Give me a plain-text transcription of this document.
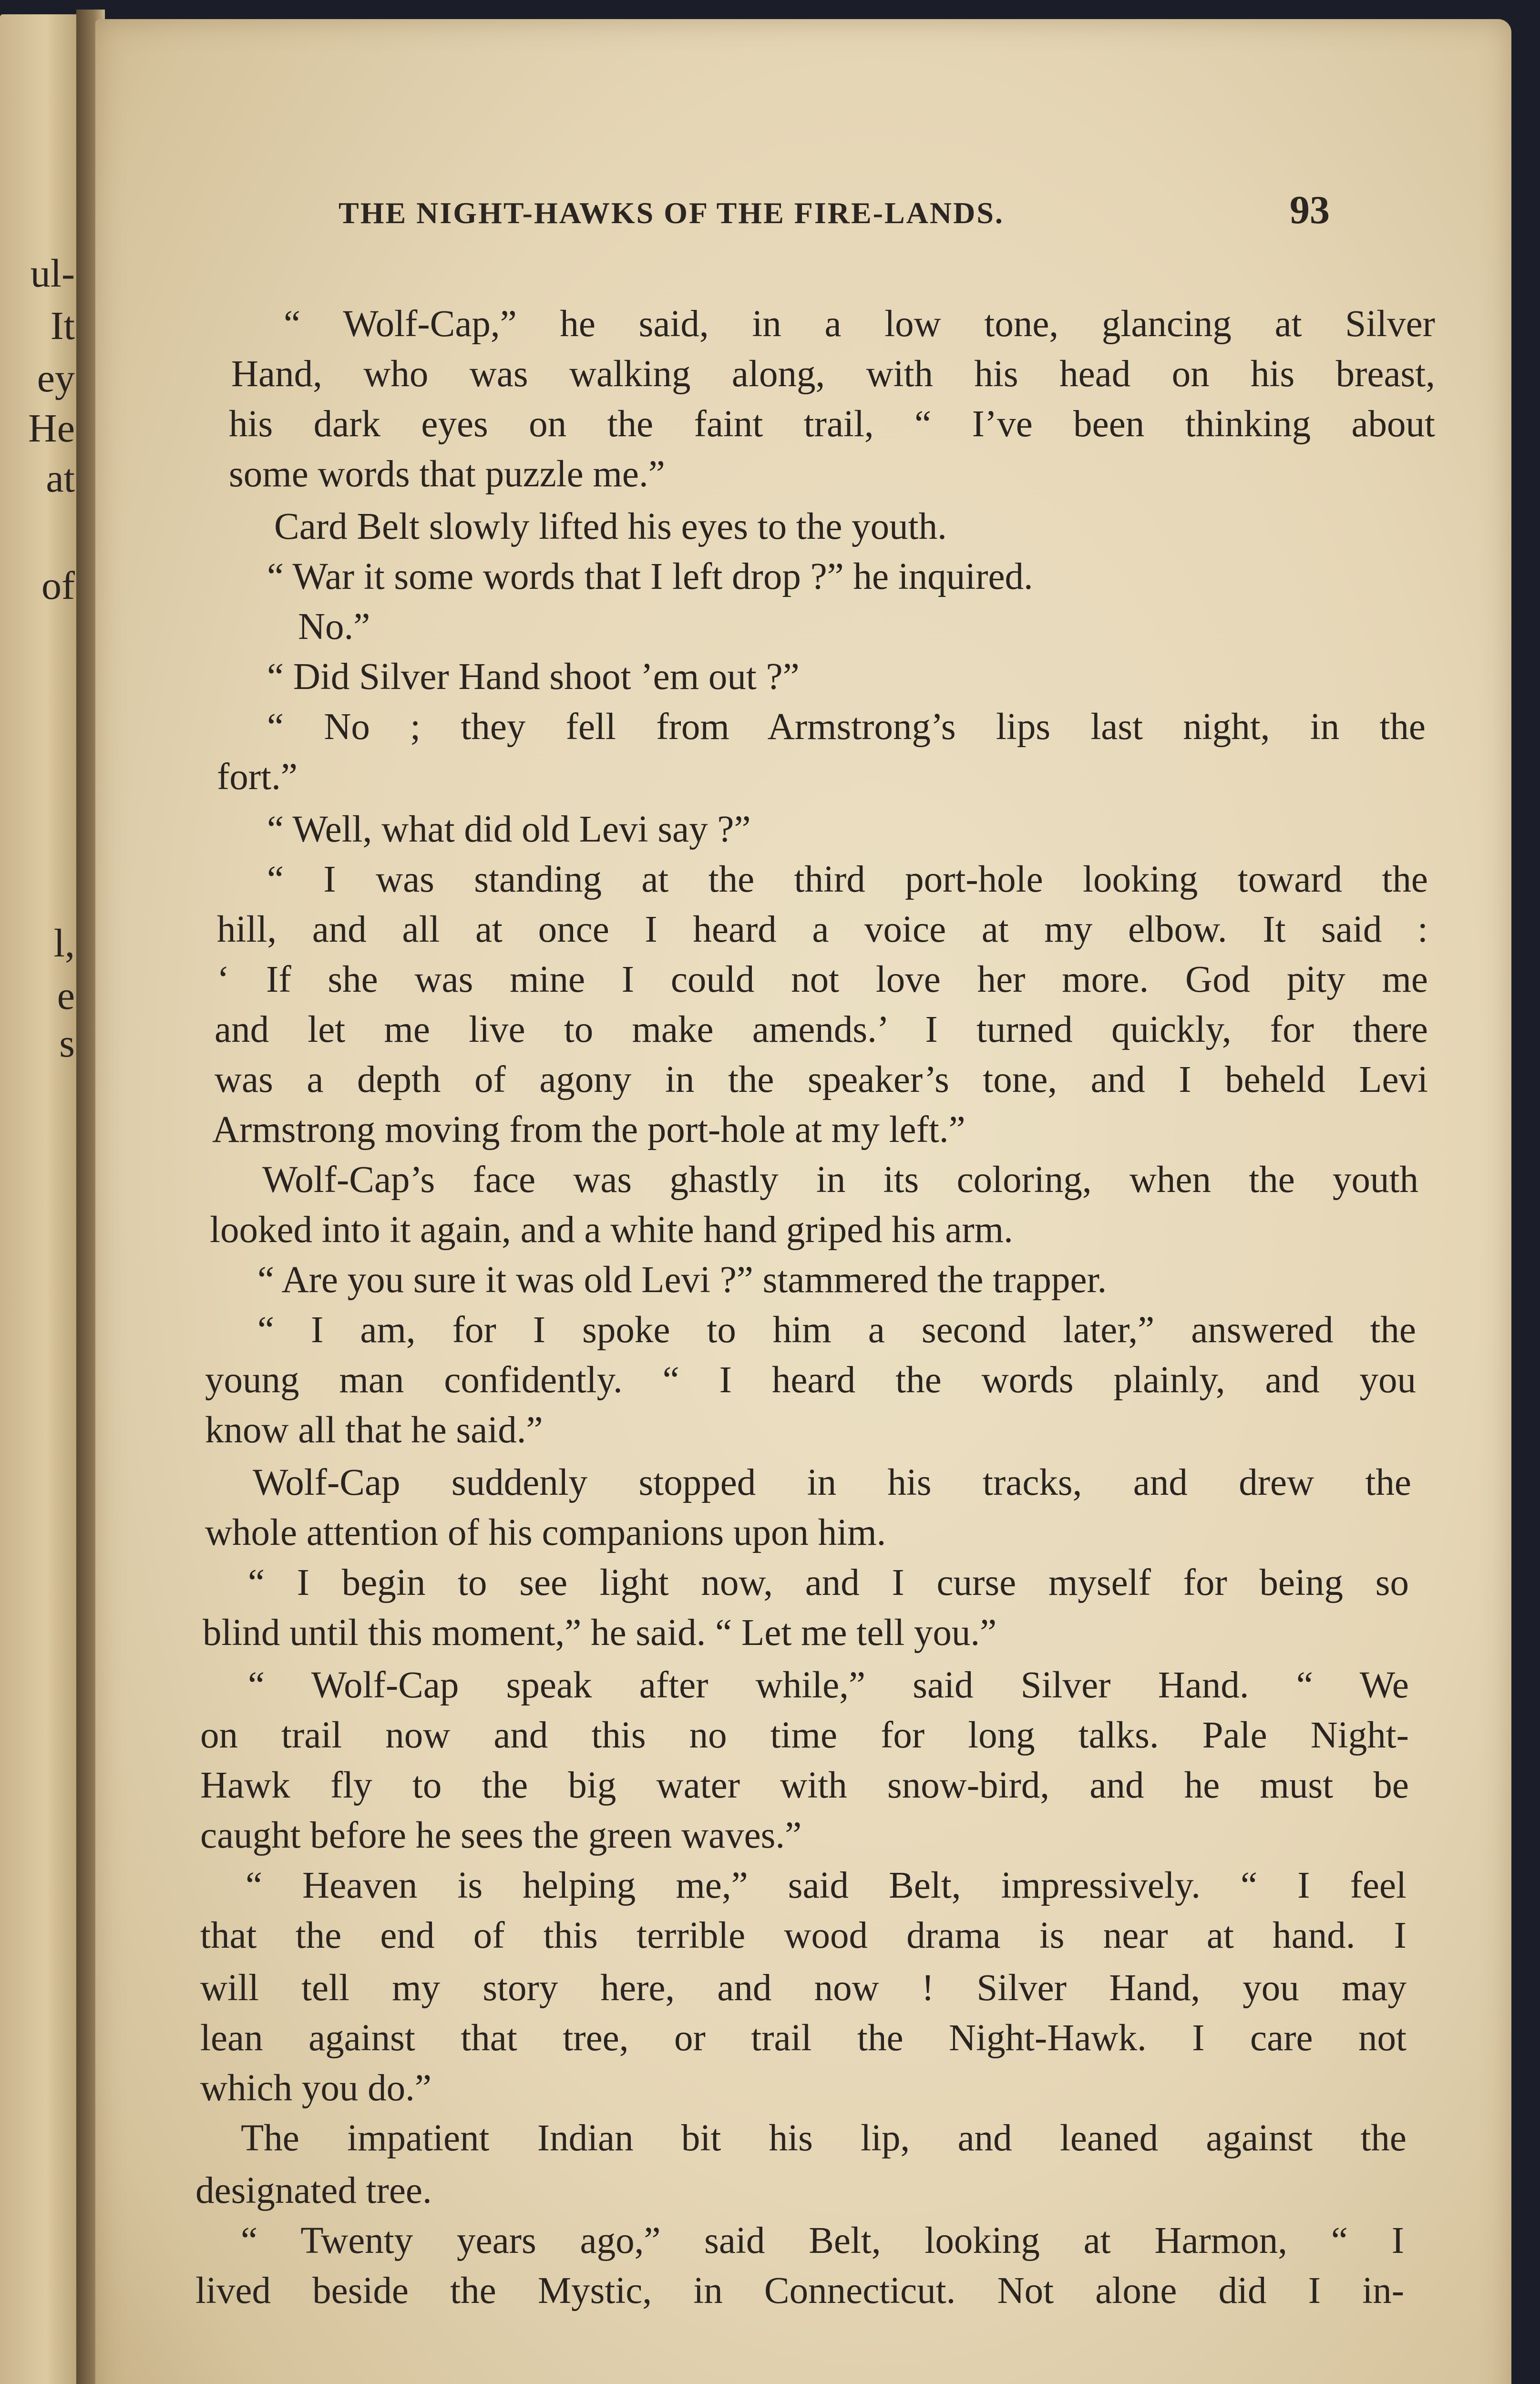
ul-
It
ey
He
at
of
l,
e
s
THE NIGHT-HAWKS OF THE FIRE-LANDS.	93
“ Wolf-Cap,” he said, in a low tone, glancing at Silver
Hand, who was walking along, with his head on his breast,
his dark eyes on the faint trail, “ I’ve been thinking about
some words that puzzle me.”
Card Belt slowly lifted his eyes to the youth.
“ War it some words that I left drop ?” he inquired.
No.”
“ Did Silver Hand shoot ’em out ?”
“ No ; they fell from Armstrong’s lips last night, in the
fort.”
“ Well, what did old Levi say ?”
“ I was standing at the third port-hole looking toward the
hill, and all at once I heard a voice at my elbow. It said :
‘ If she was mine I could not love her more. God pity me
and let me live to make amends.’ I turned quickly, for there
was a depth of agony in the speaker’s tone, and I beheld Levi
Armstrong moving from the port-hole at my left.”
Wolf-Cap’s face was ghastly in its coloring, when the youth
looked into it again, and a white hand griped his arm.
“ Are you sure it was old Levi ?” stammered the trapper.
“ I am, for I spoke to him a second later,” answered the
young man confidently. “ I heard the words plainly, and you
know all that he said.”
Wolf-Cap suddenly stopped in his tracks, and drew the
whole attention of his companions upon him.
“ I begin to see light now, and I curse myself for being so
blind until this moment,” he said. “ Let me tell you.”
“ Wolf-Cap speak after while,” said Silver Hand. “ We
on trail now and this no time for long talks. Pale Night-
Hawk fly to the big water with snow-bird, and he must be
caught before he sees the green waves.”
“ Heaven is helping me,” said Belt, impressively. “ I feel
that the end of this terrible wood drama is near at hand. I
will tell my story here, and now ! Silver Hand, you may
lean against that tree, or trail the Night-Hawk. I care not
which you do.”
The impatient Indian bit his lip, and leaned against the
designated tree.
“ Twenty years ago,” said Belt, looking at Harmon, “ I
lived beside the Mystic, in Connecticut. Not alone did I in-
